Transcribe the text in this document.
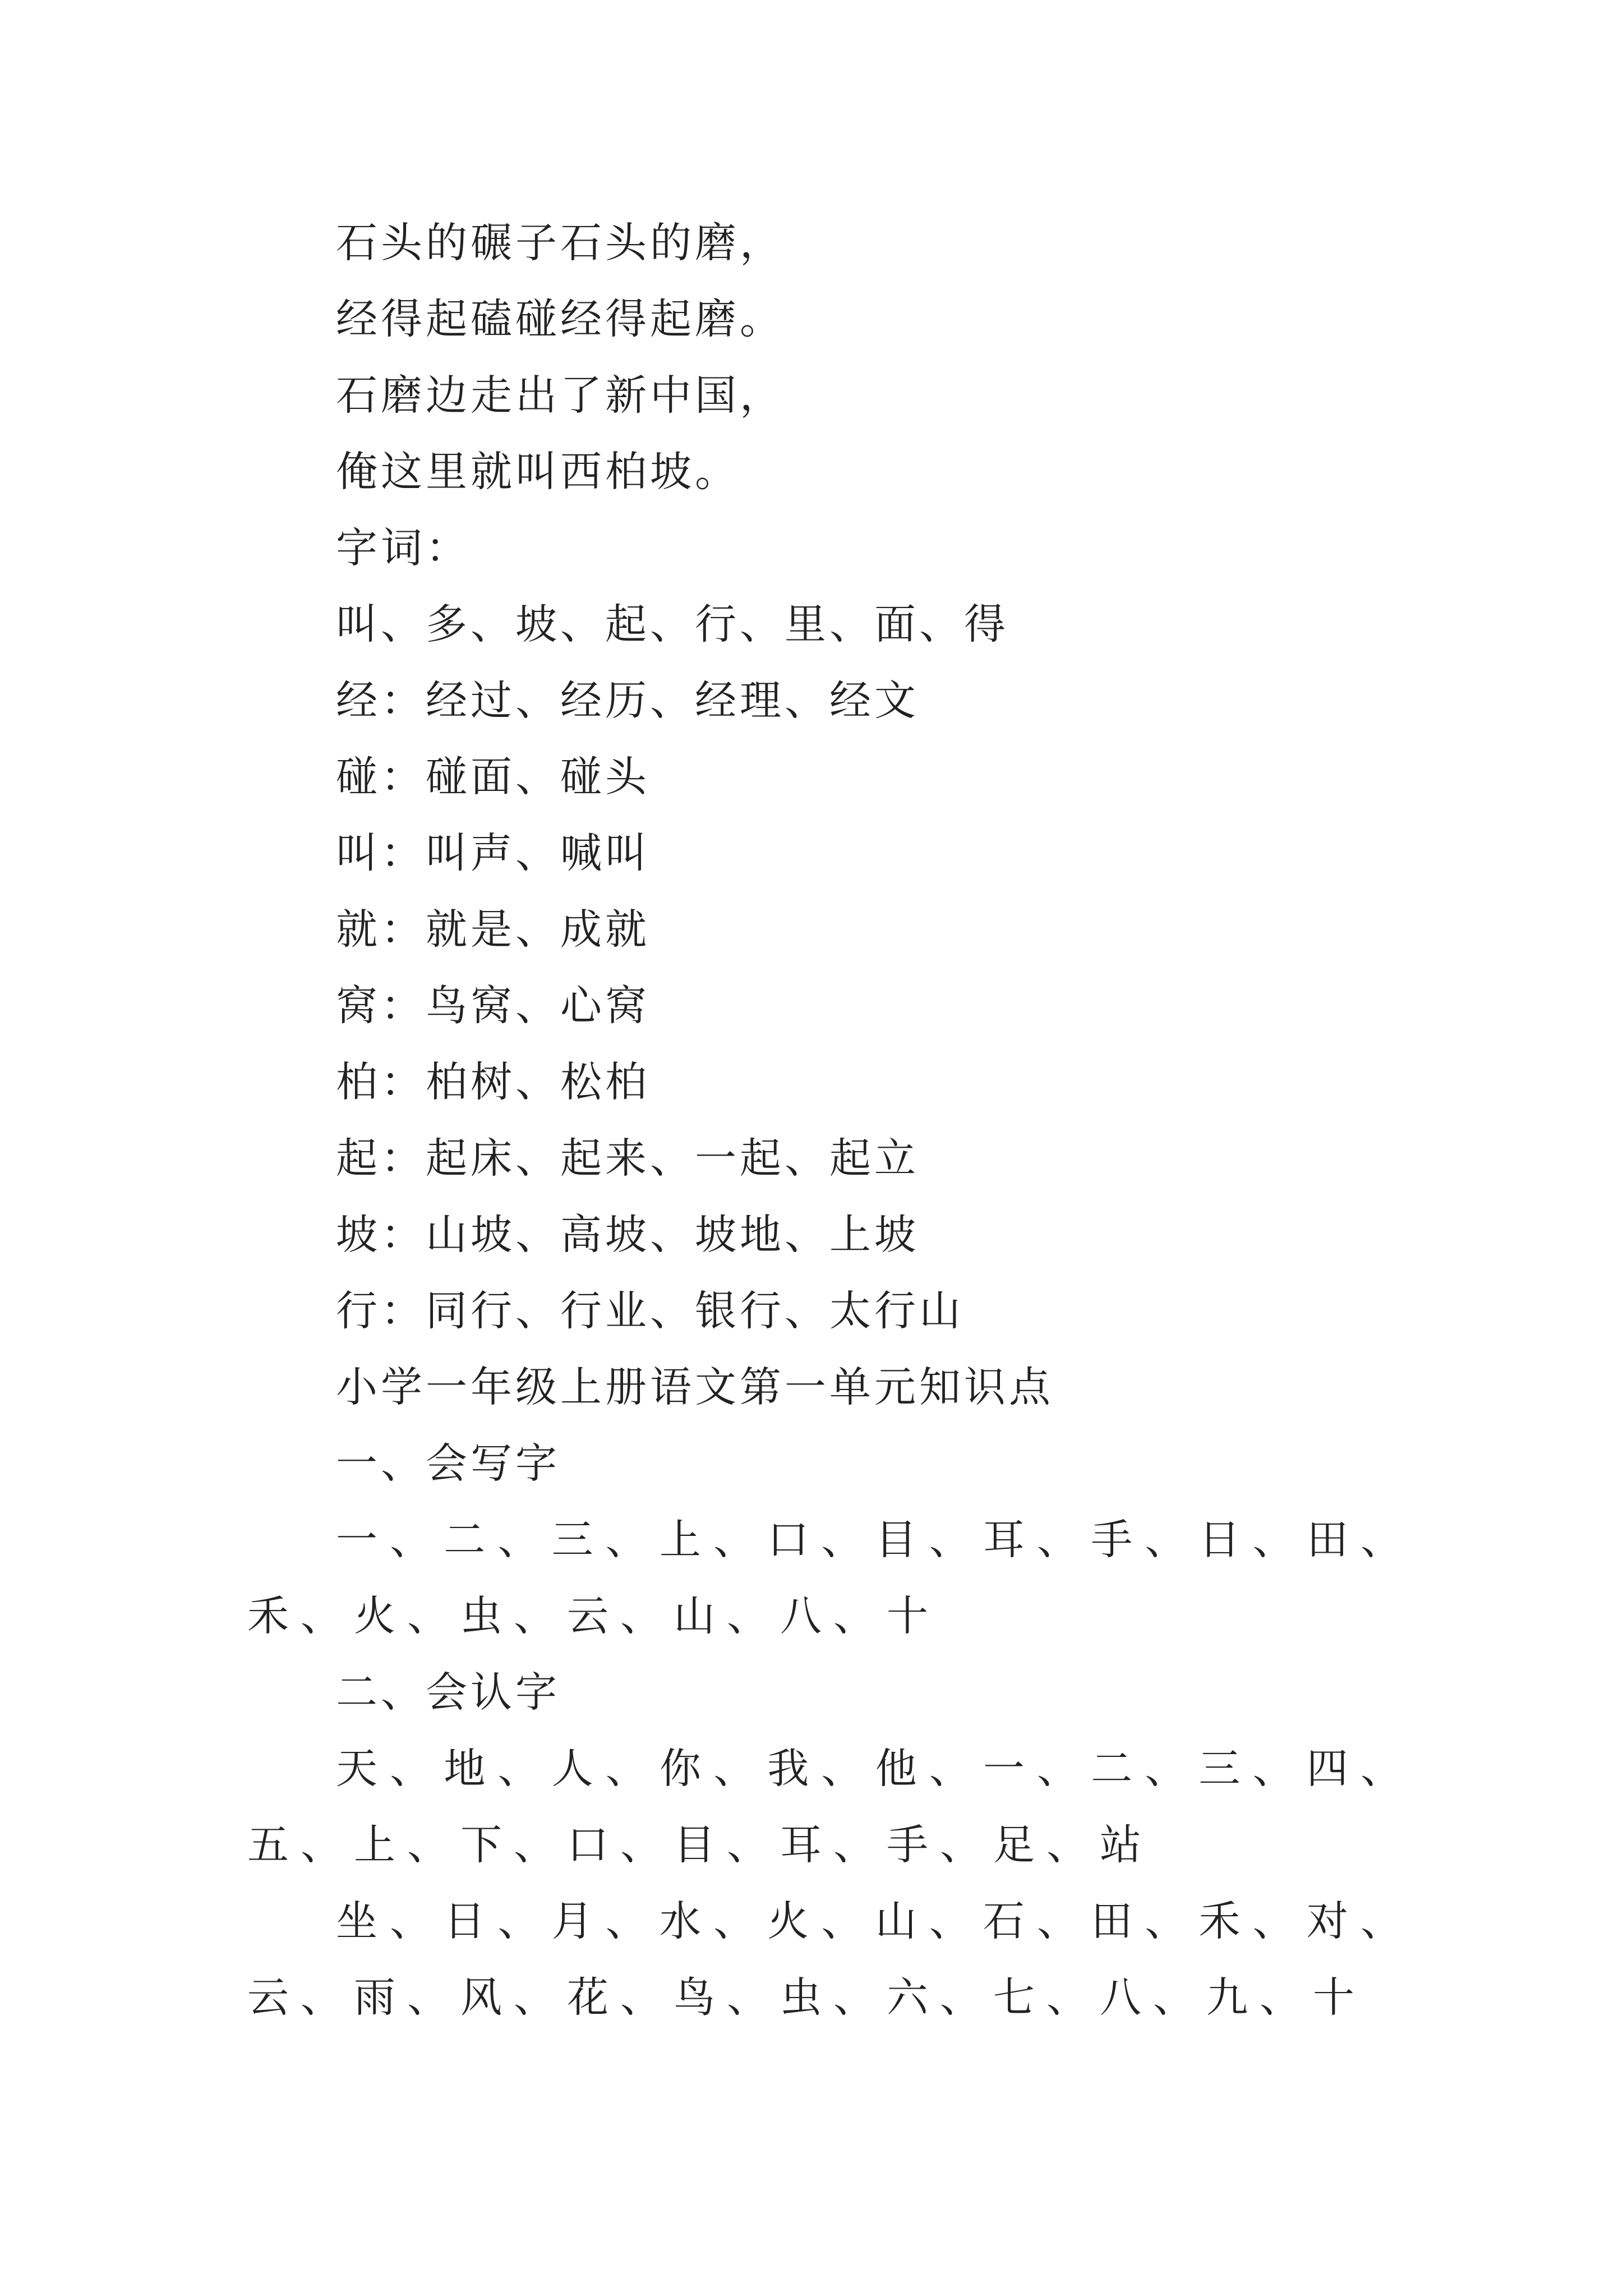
石头的碾子石头的磨，
经得起磕碰经得起磨。
石磨边走出了新中国，
俺这里就叫西柏坡。
字词：
叫、多、坡、起、行、里、面、得
经：经过、经历、经理、经文
碰：碰面、碰头
叫：叫声、喊叫
就：就是、成就
窝：鸟窝、心窝
柏：柏树、松柏
起：起床、起来、一起、起立
坡：山坡、高坡、坡地、上坡
行：同行、行业、银行、太行山
小学一年级上册语文第一单元知识点
一、会写字
一、二、三、上、口、目、耳、手、日、田、禾、火、虫、云、山、八、十
二、会认字
天、地、人、你、我、他、一、二、三、四、五、上、下、口、目、耳、手、足、站
坐、日、月、水、火、山、石、田、禾、对、云、雨、风、花、鸟、虫、六、七、八、九、十
